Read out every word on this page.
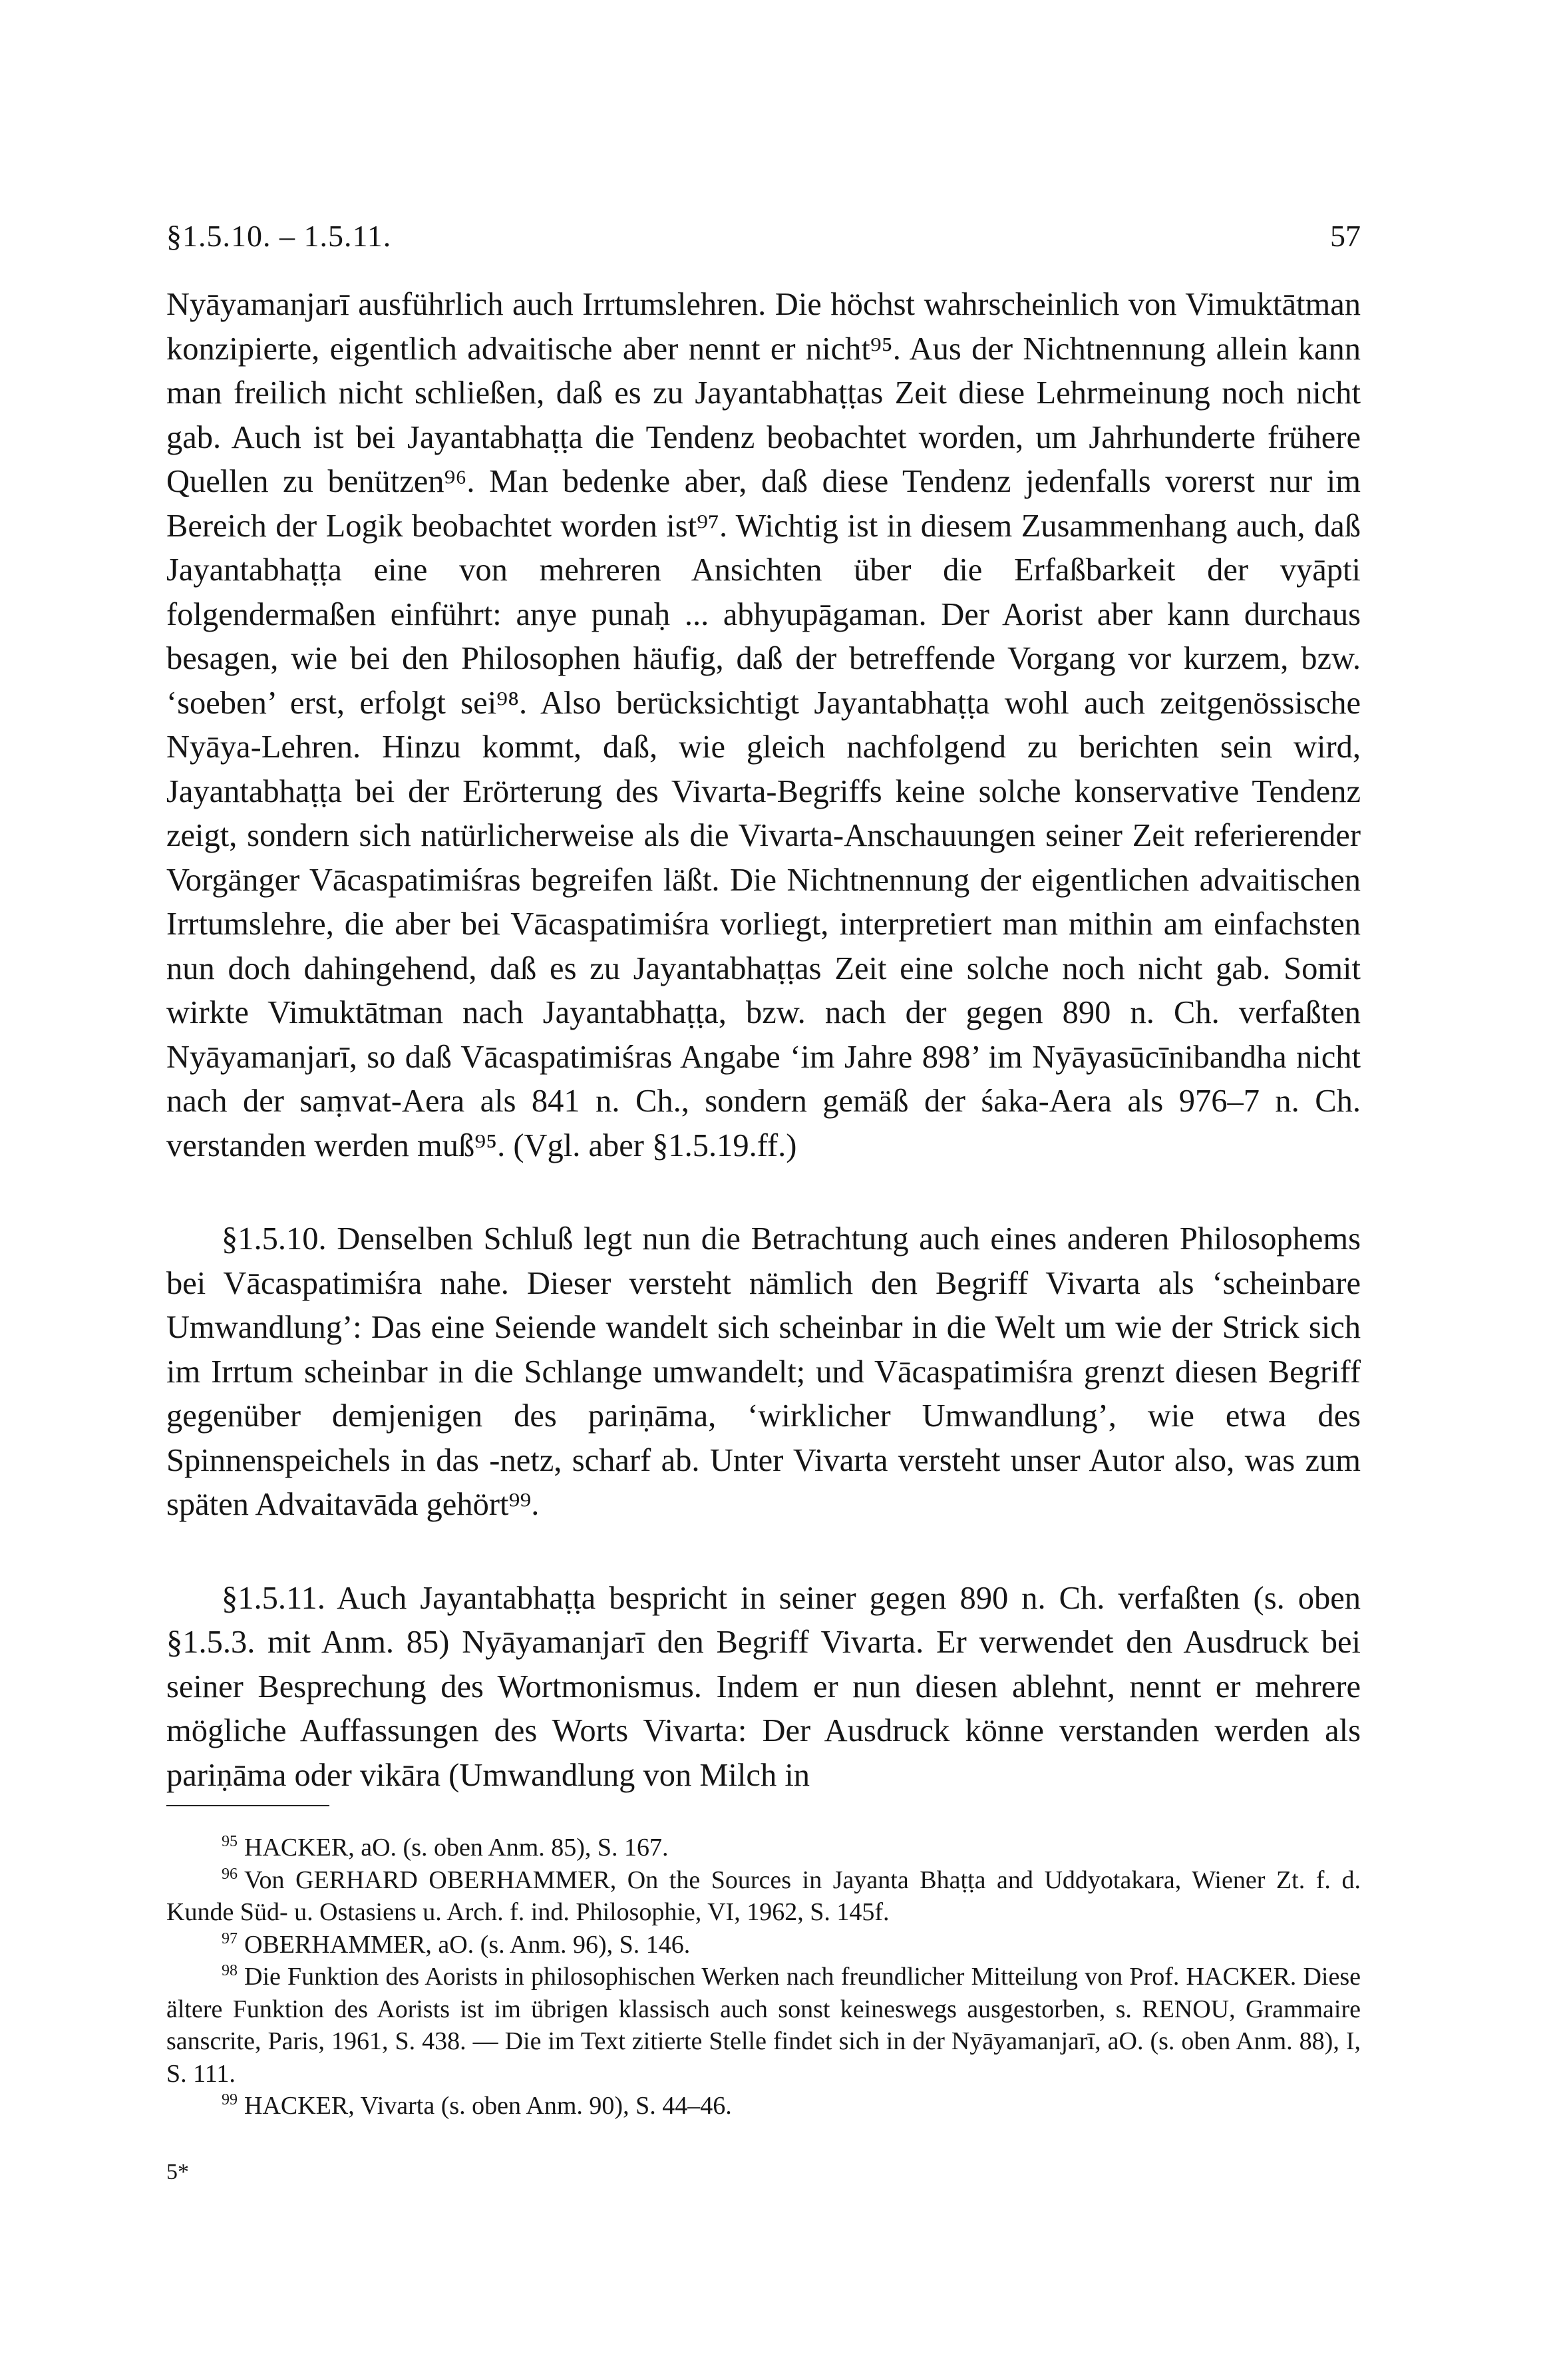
§1.5.10. – 1.5.11.	57

Nyāyamanjarī ausführlich auch Irrtumslehren. Die höchst wahrscheinlich von Vimuktātman konzipierte, eigentlich advaitische aber nennt er nicht⁹⁵. Aus der Nichtnennung allein kann man freilich nicht schließen, daß es zu Jayantabhaṭṭas Zeit diese Lehrmeinung noch nicht gab. Auch ist bei Jayantabhaṭṭa die Tendenz beobachtet worden, um Jahrhunderte frühere Quellen zu benützen⁹⁶. Man bedenke aber, daß diese Tendenz jedenfalls vorerst nur im Bereich der Logik beobachtet worden ist⁹⁷. Wichtig ist in diesem Zusammenhang auch, daß Jayantabhaṭṭa eine von mehreren Ansichten über die Erfaßbarkeit der vyāpti folgendermaßen einführt: anye punaḥ ... abhyupāgaman. Der Aorist aber kann durchaus besagen, wie bei den Philosophen häufig, daß der betreffende Vorgang vor kurzem, bzw. ‘soeben’ erst, erfolgt sei⁹⁸. Also berücksichtigt Jayantabhaṭṭa wohl auch zeitgenössische Nyāya-Lehren. Hinzu kommt, daß, wie gleich nachfolgend zu berichten sein wird, Jayantabhaṭṭa bei der Erörterung des Vivarta-Begriffs keine solche konservative Tendenz zeigt, sondern sich natürlicherweise als die Vivarta-Anschauungen seiner Zeit referierender Vorgänger Vācaspatimiśras begreifen läßt. Die Nichtnennung der eigentlichen advaitischen Irrtumslehre, die aber bei Vācaspatimiśra vorliegt, interpretiert man mithin am einfachsten nun doch dahingehend, daß es zu Jayantabhaṭṭas Zeit eine solche noch nicht gab. Somit wirkte Vimuktātman nach Jayantabhaṭṭa, bzw. nach der gegen 890 n. Ch. verfaßten Nyāyamanjarī, so daß Vācaspatimiśras Angabe ‘im Jahre 898’ im Nyāyasūcīnibandha nicht nach der saṃvat-Aera als 841 n. Ch., sondern gemäß der śaka-Aera als 976–7 n. Ch. verstanden werden muß⁹⁵. (Vgl. aber §1.5.19.ff.)

§1.5.10. Denselben Schluß legt nun die Betrachtung auch eines anderen Philosophems bei Vācaspatimiśra nahe. Dieser versteht nämlich den Begriff Vivarta als ‘scheinbare Umwandlung’: Das eine Seiende wandelt sich scheinbar in die Welt um wie der Strick sich im Irrtum scheinbar in die Schlange umwandelt; und Vācaspatimiśra grenzt diesen Begriff gegenüber demjenigen des pariṇāma, ‘wirklicher Umwandlung’, wie etwa des Spinnenspeichels in das -netz, scharf ab. Unter Vivarta versteht unser Autor also, was zum späten Advaitavāda gehört⁹⁹.

§1.5.11. Auch Jayantabhaṭṭa bespricht in seiner gegen 890 n. Ch. verfaßten (s. oben §1.5.3. mit Anm. 85) Nyāyamanjarī den Begriff Vivarta. Er verwendet den Ausdruck bei seiner Besprechung des Wortmonismus. Indem er nun diesen ablehnt, nennt er mehrere mögliche Auffassungen des Worts Vivarta: Der Ausdruck könne verstanden werden als pariṇāma oder vikāra (Umwandlung von Milch in

$^{95}$ HACKER, aO. (s. oben Anm. 85), S. 167.

$^{96}$ Von GERHARD OBERHAMMER, On the Sources in Jayanta Bhaṭṭa and Uddyotakara, Wiener Zt. f. d. Kunde Süd- u. Ostasiens u. Arch. f. ind. Philosophie, VI, 1962, S. 145f.

$^{97}$ OBERHAMMER, aO. (s. Anm. 96), S. 146.

$^{98}$ Die Funktion des Aorists in philosophischen Werken nach freundlicher Mitteilung von Prof. HACKER. Diese ältere Funktion des Aorists ist im übrigen klassisch auch sonst keineswegs ausgestorben, s. RENOU, Grammaire sanscrite, Paris, 1961, S. 438. — Die im Text zitierte Stelle findet sich in der Nyāyamanjarī, aO. (s. oben Anm. 88), I, S. 111.

$^{99}$ HACKER, Vivarta (s. oben Anm. 90), S. 44–46.

5*
